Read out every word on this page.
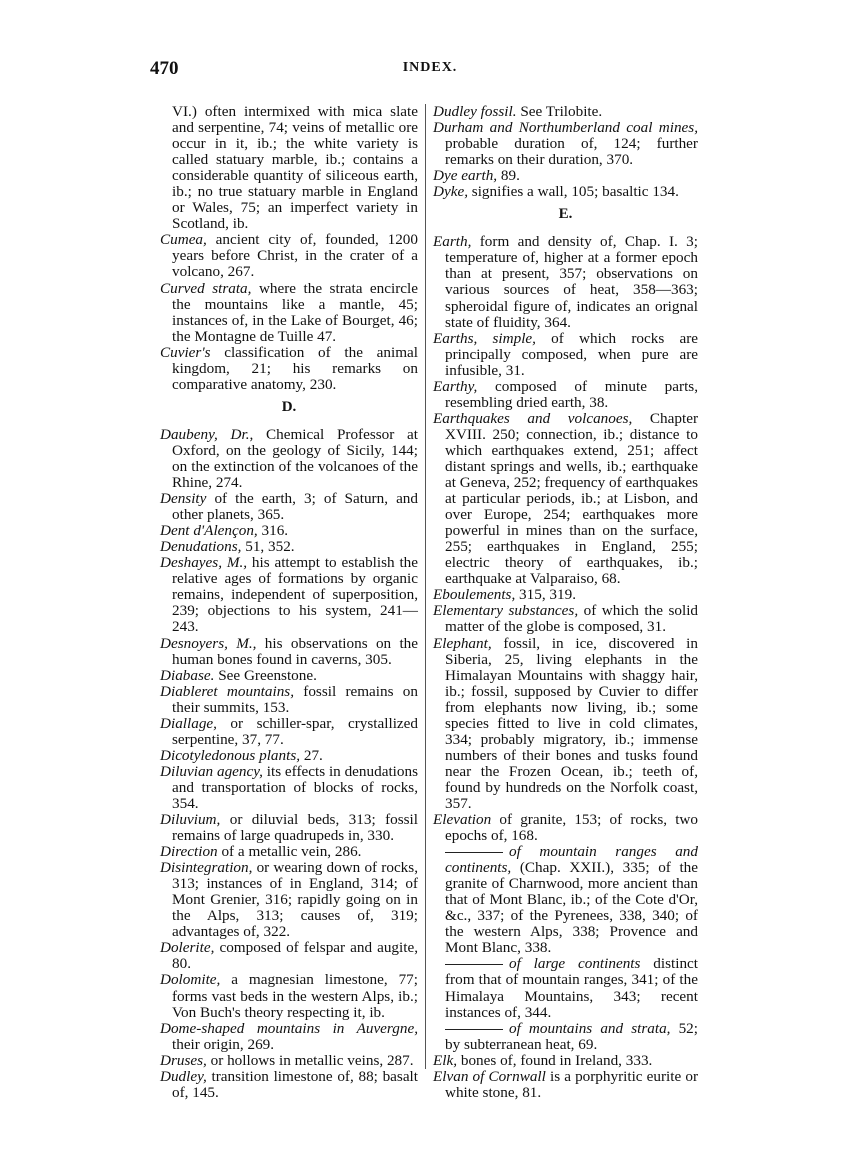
470	INDEX.

VI.) often intermixed with mica slate and serpentine, 74; veins of metallic ore occur in it, ib.; the white variety is called statuary marble, ib.; contains a considerable quantity of siliceous earth, ib.; no true statuary marble in England or Wales, 75; an imperfect variety in Scotland, ib.

Cumea, ancient city of, founded, 1200 years before Christ, in the crater of a volcano, 267.

Curved strata, where the strata encircle the mountains like a mantle, 45; instances of, in the Lake of Bourget, 46; the Montagne de Tuille 47.

Cuvier's classification of the animal kingdom, 21; his remarks on comparative anatomy, 230.

D.

Daubeny, Dr., Chemical Professor at Oxford, on the geology of Sicily, 144; on the extinction of the volcanoes of the Rhine, 274.

Density of the earth, 3; of Saturn, and other planets, 365.

Dent d'Alençon, 316.

Denudations, 51, 352.

Deshayes, M., his attempt to establish the relative ages of formations by organic remains, independent of superposition, 239; objections to his system, 241—243.

Desnoyers, M., his observations on the human bones found in caverns, 305.

Diabase. See Greenstone.

Diableret mountains, fossil remains on their summits, 153.

Diallage, or schiller-spar, crystallized serpentine, 37, 77.

Dicotyledonous plants, 27.

Diluvian agency, its effects in denudations and transportation of blocks of rocks, 354.

Diluvium, or diluvial beds, 313; fossil remains of large quadrupeds in, 330.

Direction of a metallic vein, 286.

Disintegration, or wearing down of rocks, 313; instances of in England, 314; of Mont Grenier, 316; rapidly going on in the Alps, 313; causes of, 319; advantages of, 322.

Dolerite, composed of felspar and augite, 80.

Dolomite, a magnesian limestone, 77; forms vast beds in the western Alps, ib.; Von Buch's theory respecting it, ib.

Dome-shaped mountains in Auvergne, their origin, 269.

Druses, or hollows in metallic veins, 287.

Dudley, transition limestone of, 88; basalt of, 145.

Dudley fossil. See Trilobite.

Durham and Northumberland coal mines, probable duration of, 124; further remarks on their duration, 370.

Dye earth, 89.

Dyke, signifies a wall, 105; basaltic 134.

E.

Earth, form and density of, Chap. I. 3; temperature of, higher at a former epoch than at present, 357; observations on various sources of heat, 358—363; spheroidal figure of, indicates an orignal state of fluidity, 364.

Earths, simple, of which rocks are principally composed, when pure are infusible, 31.

Earthy, composed of minute parts, resembling dried earth, 38.

Earthquakes and volcanoes, Chapter XVIII. 250; connection, ib.; distance to which earthquakes extend, 251; affect distant springs and wells, ib.; earthquake at Geneva, 252; frequency of earthquakes at particular periods, ib.; at Lisbon, and over Europe, 254; earthquakes more powerful in mines than on the surface, 255; earthquakes in England, 255; electric theory of earthquakes, ib.; earthquake at Valparaiso, 68.

Eboulements, 315, 319.

Elementary substances, of which the solid matter of the globe is composed, 31.

Elephant, fossil, in ice, discovered in Siberia, 25, living elephants in the Himalayan Mountains with shaggy hair, ib.; fossil, supposed by Cuvier to differ from elephants now living, ib.; some species fitted to live in cold climates, 334; probably migratory, ib.; immense numbers of their bones and tusks found near the Frozen Ocean, ib.; teeth of, found by hundreds on the Norfolk coast, 357.

Elevation of granite, 153; of rocks, two epochs of, 168.

of mountain ranges and continents, (Chap. XXII.), 335; of the granite of Charnwood, more ancient than that of Mont Blanc, ib.; of the Cote d'Or, &c., 337; of the Pyrenees, 338, 340; of the western Alps, 338; Provence and Mont Blanc, 338.

of large continents distinct from that of mountain ranges, 341; of the Himalaya Mountains, 343; recent instances of, 344.

of mountains and strata, 52; by subterranean heat, 69.

Elk, bones of, found in Ireland, 333.

Elvan of Cornwall is a porphyritic eurite or white stone, 81.
